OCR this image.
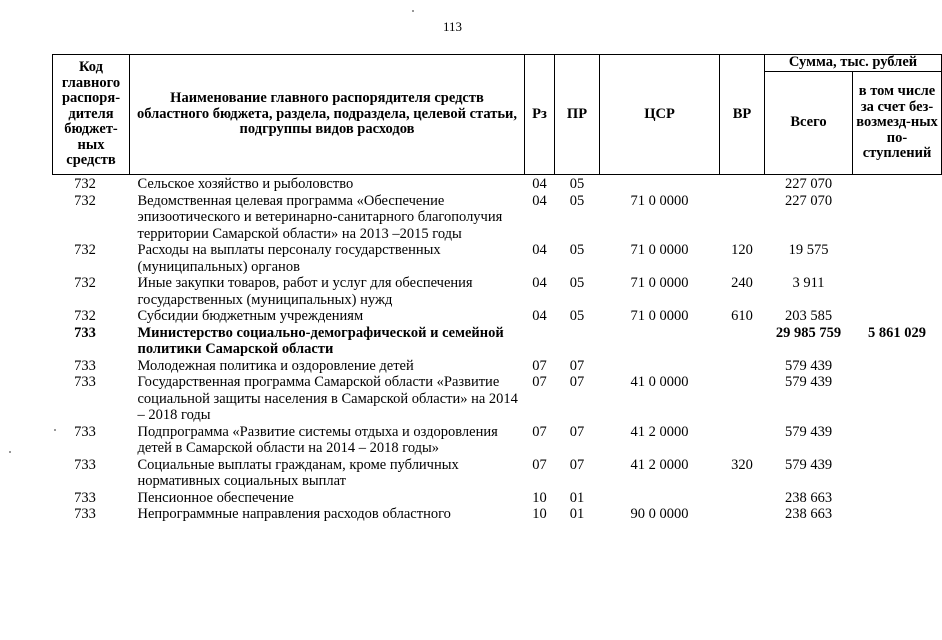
113
Код главного распоря-дителя бюджет-ных средств	Наименование главного распорядителя средств областного бюджета, раздела, подраздела, целевой статьи, подгруппы видов расходов	Рз	ПР	ЦСР	ВР	Сумма, тыс. рублей	
						Всего	в том числе за счет без-возмезд-ных по-ступлений
732	Сельское хозяйство и рыболовство	04	05			227 070	
732	Ведомственная целевая программа «Обеспечение эпизоотического и ветеринарно-санитарного благополучия территории Самарской области» на 2013 –2015 годы	04	05	71 0 0000		227 070	
732	Расходы на выплаты персоналу государственных (муниципальных) органов	04	05	71 0 0000	120	19 575	
732	Иные закупки товаров, работ и услуг для обеспечения государственных (муниципальных) нужд	04	05	71 0 0000	240	3 911	
732	Субсидии бюджетным учреждениям	04	05	71 0 0000	610	203 585	
733	Министерство социально-демографической и семейной политики Самарской области					29 985 759	5 861 029
733	Молодежная политика и оздоровление детей	07	07			579 439	
733	Государственная программа Самарской области «Развитие социальной защиты населения в Самарской области» на 2014 – 2018 годы	07	07	41 0 0000		579 439	
733	Подпрограмма «Развитие системы отдыха и оздоровления детей в Самарской области на 2014 – 2018 годы»	07	07	41 2 0000		579 439	
733	Социальные выплаты гражданам, кроме публичных нормативных социальных выплат	07	07	41 2 0000	320	579 439	
733	Пенсионное обеспечение	10	01			238 663	
733	Непрограммные направления расходов областного	10	01	90 0 0000		238 663	
